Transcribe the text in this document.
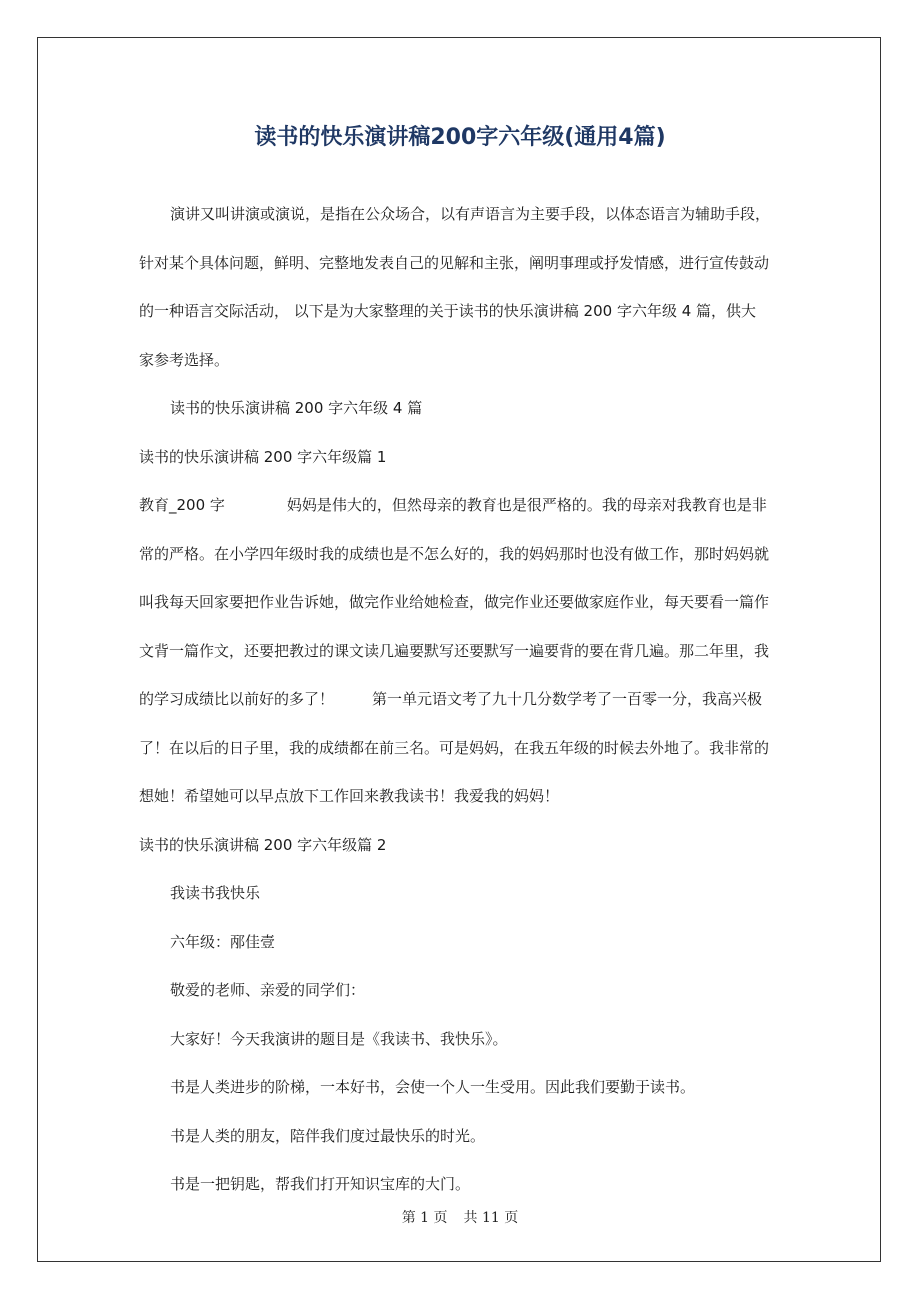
读书的快乐演讲稿200字六年级(通用4篇)

演讲又叫讲演或演说，是指在公众场合，以有声语言为主要手段，以体态语言为辅助手段，

针对某个具体问题，鲜明、完整地发表自己的见解和主张，阐明事理或抒发情感，进行宣传鼓动

的一种语言交际活动， 以下是为大家整理的关于读书的快乐演讲稿 200 字六年级 4 篇，供大

家参考选择。

读书的快乐演讲稿 200 字六年级 4 篇

读书的快乐演讲稿 200 字六年级篇 1

教育_200 字	妈妈是伟大的，但然母亲的教育也是很严格的。我的母亲对我教育也是非

常的严格。在小学四年级时我的成绩也是不怎么好的，我的妈妈那时也没有做工作，那时妈妈就

叫我每天回家要把作业告诉她，做完作业给她检查，做完作业还要做家庭作业，每天要看一篇作

文背一篇作文，还要把教过的课文读几遍要默写还要默写一遍要背的要在背几遍。那二年里，我

的学习成绩比以前好的多了！	第一单元语文考了九十几分数学考了一百零一分，我高兴极

了！在以后的日子里，我的成绩都在前三名。可是妈妈，在我五年级的时候去外地了。我非常的

想她！希望她可以早点放下工作回来教我读书！我爱我的妈妈！

读书的快乐演讲稿 200 字六年级篇 2

我读书我快乐

六年级：邴佳壹

敬爱的老师、亲爱的同学们：

大家好！今天我演讲的题目是《我读书、我快乐》。

书是人类进步的阶梯，一本好书，会使一个人一生受用。因此我们要勤于读书。

书是人类的朋友，陪伴我们度过最快乐的时光。

书是一把钥匙，帮我们打开知识宝库的大门。

第 1 页 共 11 页
